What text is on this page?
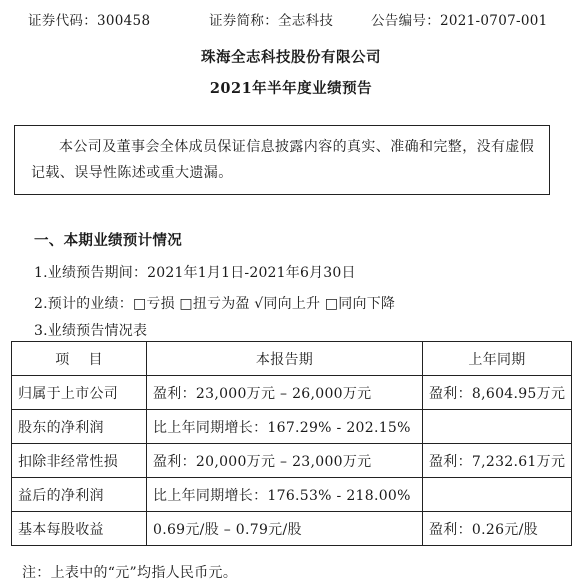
证券代码：300458	证券简称：全志科技	公告编号：2021-0707-001
珠海全志科技股份有限公司
2021年半年度业绩预告
本公司及董事会全体成员保证信息披露内容的真实、准确和完整，没有虚假记载、误导性陈述或重大遗漏。
一、本期业绩预计情况
1.业绩预告期间：2021年1月1日-2021年6月30日
2.预计的业绩：□亏损 □扭亏为盈 √同向上升 □同向下降
3.业绩预告情况表
项    目	本报告期	上年同期
归属于上市公司	盈利：23,000万元 – 26,000万元	盈利：8,604.95万元
股东的净利润	比上年同期增长：167.29% - 202.15%	
扣除非经常性损	盈利：20,000万元 – 23,000万元	盈利：7,232.61万元
益后的净利润	比上年同期增长：176.53% - 218.00%	
基本每股收益	0.69元/股 – 0.79元/股	盈利：0.26元/股
注：上表中的“元”均指人民币元。
